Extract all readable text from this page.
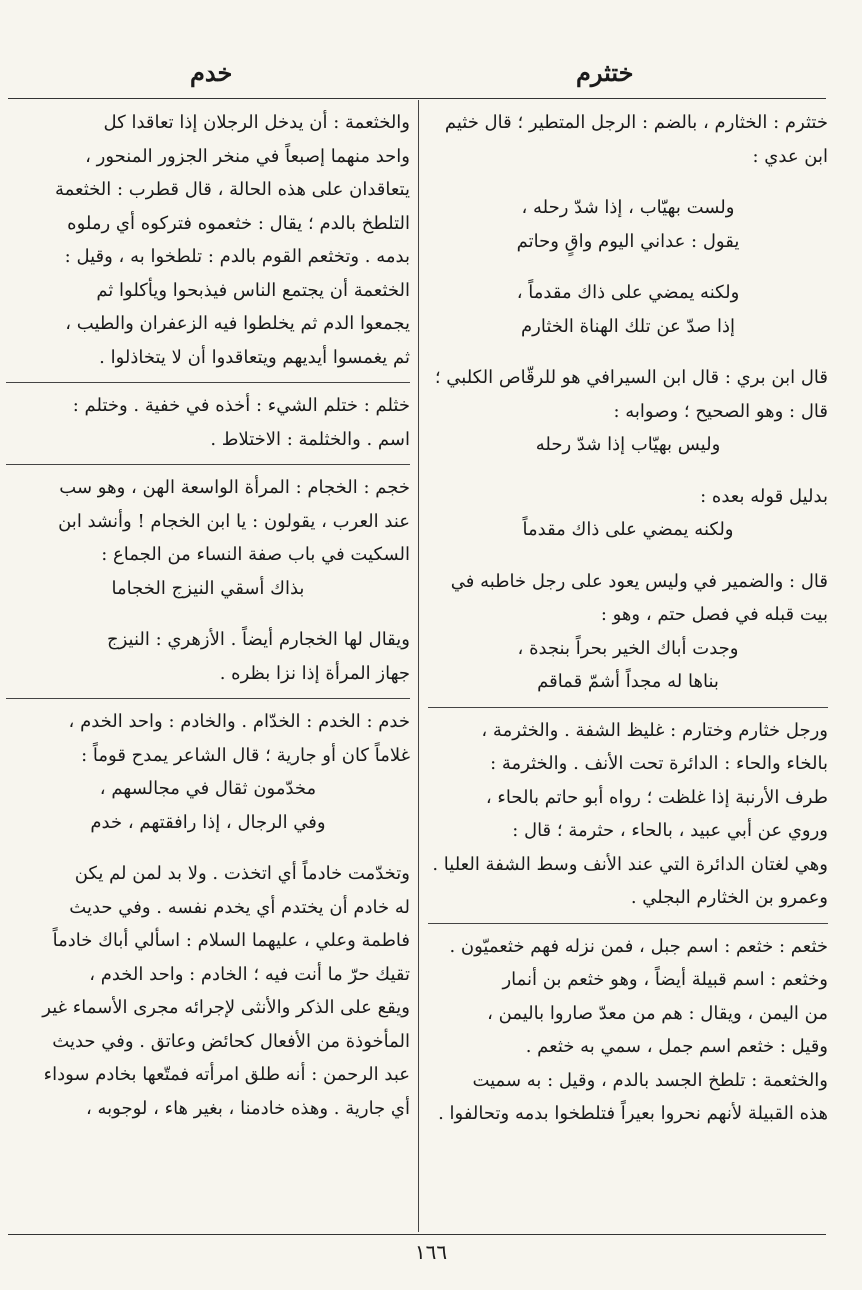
ختثرم
خدم
ختثرم : الخثارم ، بالضم : الرجل المتطير ؛ قال خثيم
ابن عدي :
ولست بهيّاب ، إذا شدّ رحله ،
يقول : عداني اليوم واقٍ وحاتم
ولكنه يمضي على ذاك مقدماً ،
إذا صدّ عن تلك الهناة الخثارم
قال ابن بري : قال ابن السيرافي هو للرقّاص الكلبي ؛
قال : وهو الصحيح ؛ وصوابه :
وليس بهيّاب إذا شدّ رحله
بدليل قوله بعده :
ولكنه يمضي على ذاك مقدماً
قال : والضمير في وليس يعود على رجل خاطبه في
بيت قبله في فصل حتم ، وهو :
وجدت أباك الخير بحراً بنجدة ،
بناها له مجداً أشمّ قماقم
ورجل خثارم وختارم : غليظ الشفة . والخثرمة ،
بالخاء والحاء : الدائرة تحت الأنف . والخثرمة :
طرف الأرنبة إذا غلظت ؛ رواه أبو حاتم بالحاء ،
وروي عن أبي عبيد ، بالحاء ، حثرمة ؛ قال :
وهي لغتان الدائرة التي عند الأنف وسط الشفة العليا .
وعمرو بن الخثارم البجلي .
خثعم : خثعم : اسم جبل ، فمن نزله فهم خثعميّون .
وخثعم : اسم قبيلة أيضاً ، وهو خثعم بن أنمار
من اليمن ، ويقال : هم من معدّ صاروا باليمن ،
وقيل : خثعم اسم جمل ، سمي به خثعم .
والخثعمة : تلطخ الجسد بالدم ، وقيل : به سميت
هذه القبيلة لأنهم نحروا بعيراً فتلطخوا بدمه وتحالفوا .
والخثعمة : أن يدخل الرجلان إذا تعاقدا كل
واحد منهما إصبعاً في منخر الجزور المنحور ،
يتعاقدان على هذه الحالة ، قال قطرب : الخثعمة
التلطخ بالدم ؛ يقال : خثعموه فتركوه أي رملوه
بدمه . وتخثعم القوم بالدم : تلطخوا به ، وقيل :
الخثعمة أن يجتمع الناس فيذبحوا ويأكلوا ثم
يجمعوا الدم ثم يخلطوا فيه الزعفران والطيب ،
ثم يغمسوا أيديهم ويتعاقدوا أن لا يتخاذلوا .
خثلم : ختلم الشيء : أخذه في خفية . وختلم :
اسم . والخثلمة : الاختلاط .
خجم : الخجام : المرأة الواسعة الهن ، وهو سب
عند العرب ، يقولون : يا ابن الخجام ! وأنشد ابن
السكيت في باب صفة النساء من الجماع :
بذاك أسقي النيزج الخجاما
ويقال لها الخجارم أيضاً . الأزهري : النيزج
جهاز المرأة إذا نزا بظره .
خدم : الخدم : الخدّام . والخادم : واحد الخدم ،
غلاماً كان أو جارية ؛ قال الشاعر يمدح قوماً :
مخدّمون ثقال في مجالسهم ،
وفي الرجال ، إذا رافقتهم ، خدم
وتخدّمت خادماً أي اتخذت . ولا بد لمن لم يكن
له خادم أن يختدم أي يخدم نفسه . وفي حديث
فاطمة وعلي ، عليهما السلام : اسألي أباك خادماً
تقيك حرّ ما أنت فيه ؛ الخادم : واحد الخدم ،
ويقع على الذكر والأنثى لإجرائه مجرى الأسماء غير
المأخوذة من الأفعال كحائض وعاتق . وفي حديث
عبد الرحمن : أنه طلق امرأته فمتّعها بخادم سوداء
أي جارية . وهذه خادمنا ، بغير هاء ، لوجوبه ،
١٦٦
